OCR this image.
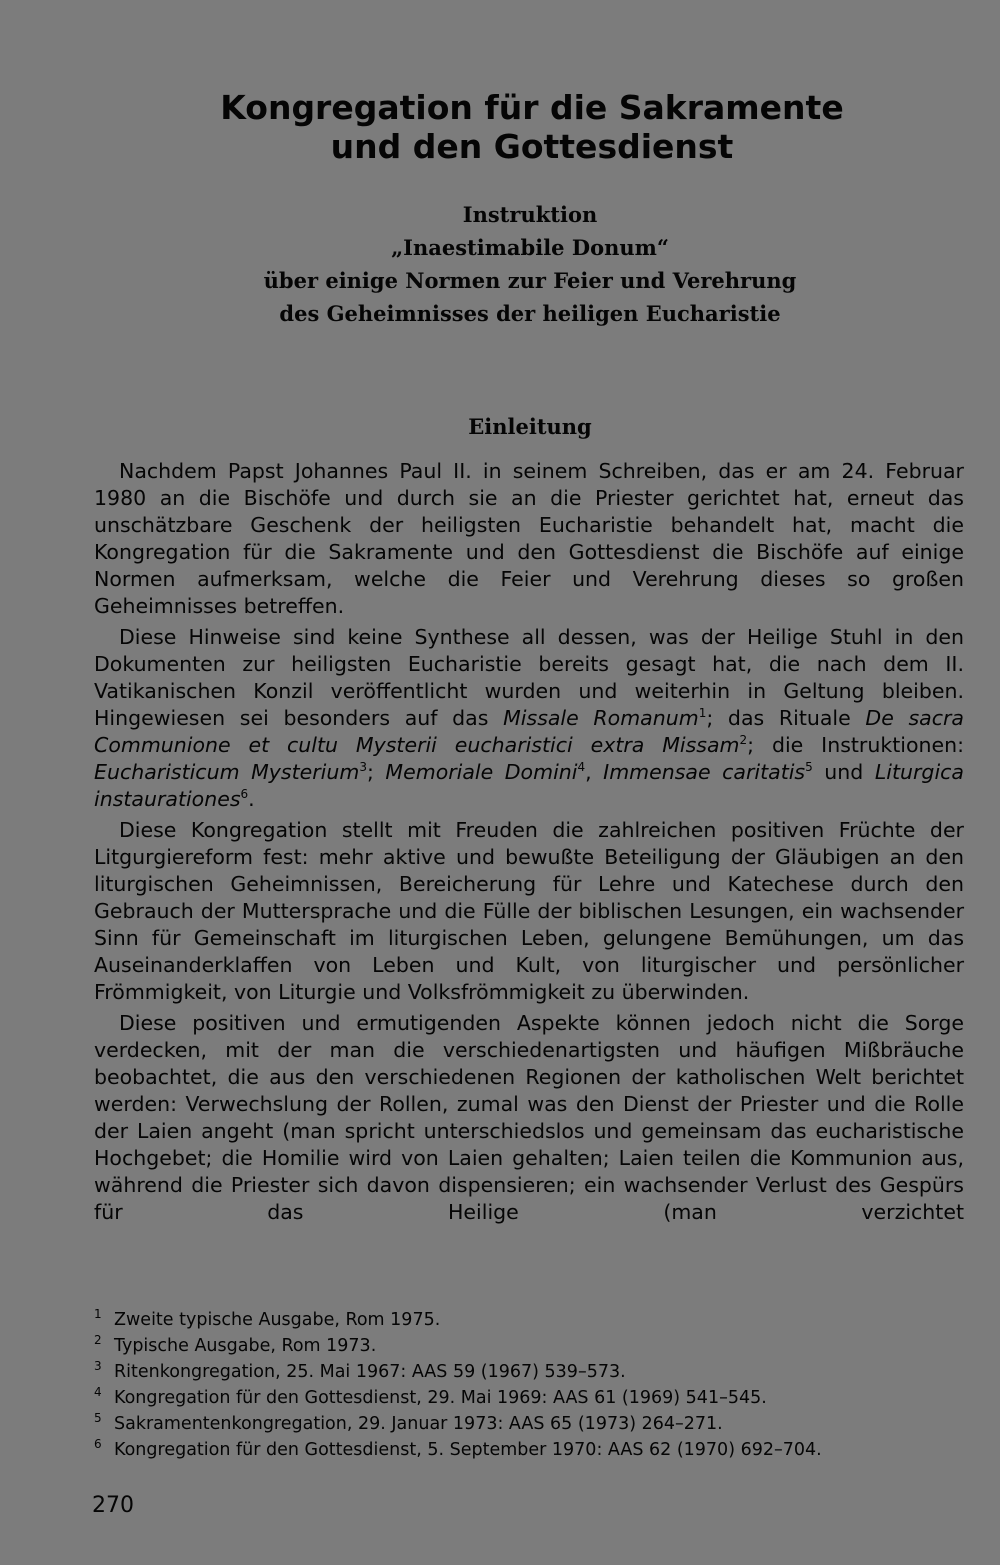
Kongregation für die Sakramente
und den Gottesdienst
Instruktion
„Inaestimabile Donum“
über einige Normen zur Feier und Verehrung
des Geheimnisses der heiligen Eucharistie
Einleitung

Nachdem Papst Johannes Paul II. in seinem Schreiben, das er am 24. Februar 1980 an die Bischöfe und durch sie an die Priester gerichtet hat, erneut das unschätzbare Geschenk der heiligsten Eucharistie behandelt hat, macht die Kongregation für die Sakramente und den Gottesdienst die Bischöfe auf einige Normen aufmerksam, welche die Feier und Verehrung dieses so großen Geheimnisses betreffen.

Diese Hinweise sind keine Synthese all dessen, was der Heilige Stuhl in den Dokumenten zur heiligsten Eucharistie bereits gesagt hat, die nach dem II. Vatikanischen Konzil veröffentlicht wurden und weiterhin in Geltung bleiben. Hingewiesen sei besonders auf das Missale Romanum$^1$; das Rituale De sacra Communione et cultu Mysterii eucharistici extra Missam$^2$; die Instruktionen: Eucharisticum Mysterium$^3$; Memoriale Domini$^4$, Immensae caritatis$^5$ und Liturgica instaurationes$^6$.

Diese Kongregation stellt mit Freuden die zahlreichen positiven Früchte der Litgurgiereform fest: mehr aktive und bewußte Beteiligung der Gläubigen an den liturgischen Geheimnissen, Bereicherung für Lehre und Katechese durch den Gebrauch der Muttersprache und die Fülle der biblischen Lesungen, ein wachsender Sinn für Gemeinschaft im liturgischen Leben, gelungene Bemühungen, um das Auseinanderklaffen von Leben und Kult, von liturgischer und persönlicher Frömmigkeit, von Liturgie und Volksfrömmigkeit zu überwinden.

Diese positiven und ermutigenden Aspekte können jedoch nicht die Sorge verdecken, mit der man die verschiedenartigsten und häufigen Mißbräuche beobachtet, die aus den verschiedenen Regionen der katholischen Welt berichtet werden: Verwechslung der Rollen, zumal was den Dienst der Priester und die Rolle der Laien angeht (man spricht unterschiedslos und gemeinsam das eucharistische Hochgebet; die Homilie wird von Laien gehalten; Laien teilen die Kommunion aus, während die Priester sich davon dispensieren; ein wachsender Verlust des Gespürs für das Heilige (man verzichtet

1 Zweite typische Ausgabe, Rom 1975.
2 Typische Ausgabe, Rom 1973.
3 Ritenkongregation, 25. Mai 1967: AAS 59 (1967) 539–573.
4 Kongregation für den Gottesdienst, 29. Mai 1969: AAS 61 (1969) 541–545.
5 Sakramentenkongregation, 29. Januar 1973: AAS 65 (1973) 264–271.
6 Kongregation für den Gottesdienst, 5. September 1970: AAS 62 (1970) 692–704.
270
